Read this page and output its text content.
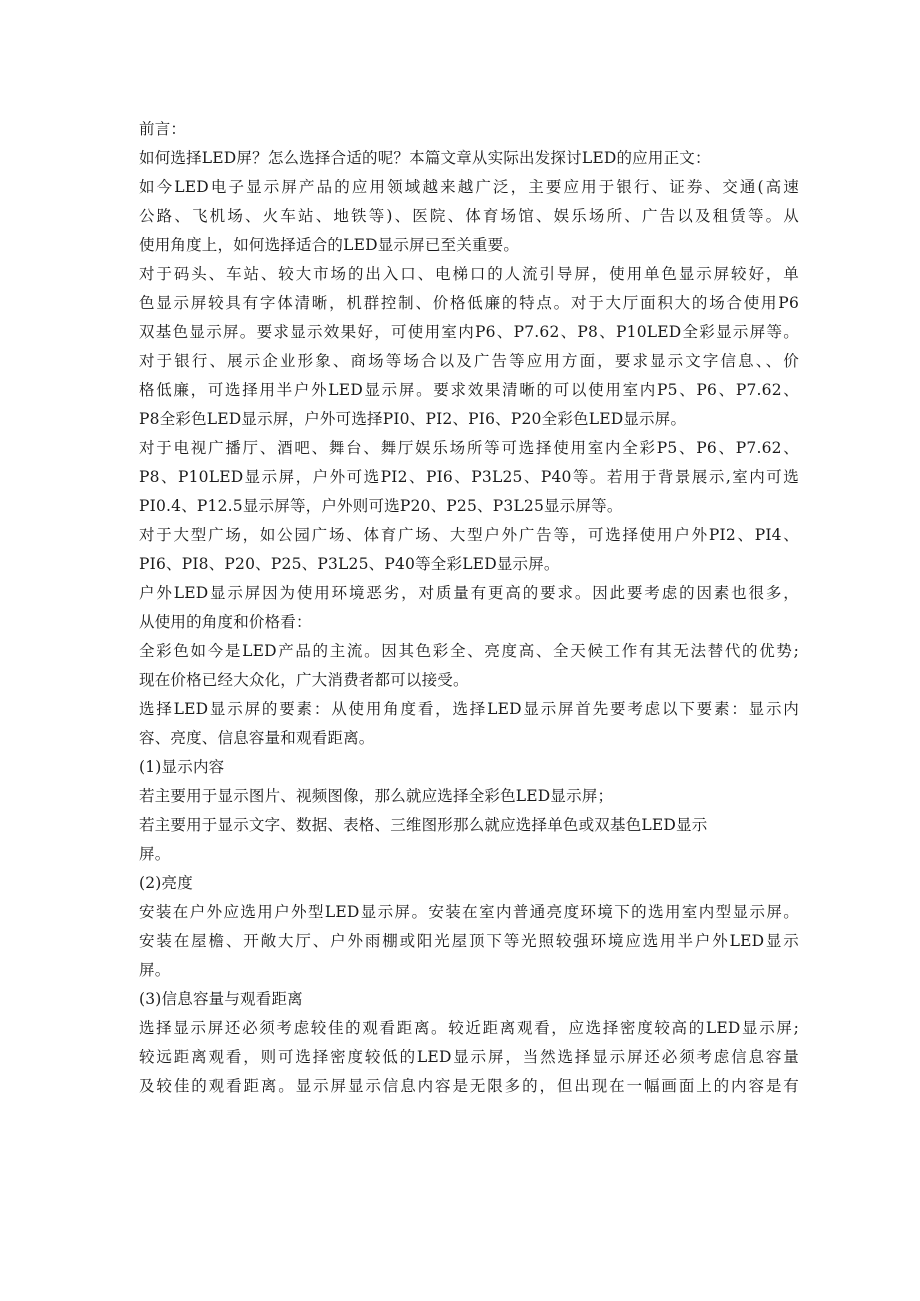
前言：
如何选择LED屏？怎么选择合适的呢？本篇文章从实际出发探讨LED的应用正文：
如今LED电子显示屏产品的应用领域越来越广泛，主要应用于银行、证券、交通(高速
公路、飞机场、火车站、地铁等)、医院、体育场馆、娱乐场所、广告以及租赁等。从
使用角度上，如何选择适合的LED显示屏已至关重要。
对于码头、车站、较大市场的出入口、电梯口的人流引导屏，使用单色显示屏较好，单
色显示屏较具有字体清晰，机群控制、价格低廉的特点。对于大厅面积大的场合使用P6
双基色显示屏。要求显示效果好，可使用室内P6、P7.62、P8、P10LED全彩显示屏等。
对于银行、展示企业形象、商场等场合以及广告等应用方面，要求显示文字信息、、价
格低廉，可选择用半户外LED显示屏。要求效果清晰的可以使用室内P5、P6、P7.62、
P8全彩色LED显示屏，户外可选择PI0、PI2、PI6、P20全彩色LED显示屏。
对于电视广播厅、酒吧、舞台、舞厅娱乐场所等可选择使用室内全彩P5、P6、P7.62、
P8、P10LED显示屏，户外可选PI2、PI6、P3L25、P40等。若用于背景展示,室内可选
PI0.4、P12.5显示屏等，户外则可选P20、P25、P3L25显示屏等。
对于大型广场，如公园广场、体育广场、大型户外广告等，可选择使用户外PI2、PI4、
PI6、PI8、P20、P25、P3L25、P40等全彩LED显示屏。
户外LED显示屏因为使用环境恶劣，对质量有更高的要求。因此要考虑的因素也很多，
从使用的角度和价格看：
全彩色如今是LED产品的主流。因其色彩全、亮度高、全天候工作有其无法替代的优势;
现在价格已经大众化，广大消费者都可以接受。
选择LED显示屏的要素：从使用角度看，选择LED显示屏首先要考虑以下要素：显示内
容、亮度、信息容量和观看距离。
(1)显示内容
若主要用于显示图片、视频图像，那么就应选择全彩色LED显示屏；
若主要用于显示文字、数据、表格、三维图形那么就应选择单色或双基色LED显示
屏。
(2)亮度
安装在户外应选用户外型LED显示屏。安装在室内普通亮度环境下的选用室内型显示屏。
安装在屋檐、开敞大厅、户外雨棚或阳光屋顶下等光照较强环境应选用半户外LED显示
屏。
(3)信息容量与观看距离
选择显示屏还必须考虑较佳的观看距离。较近距离观看，应选择密度较高的LED显示屏;
较远距离观看，则可选择密度较低的LED显示屏，当然选择显示屏还必须考虑信息容量
及较佳的观看距离。显示屏显示信息内容是无限多的，但出现在一幅画面上的内容是有
